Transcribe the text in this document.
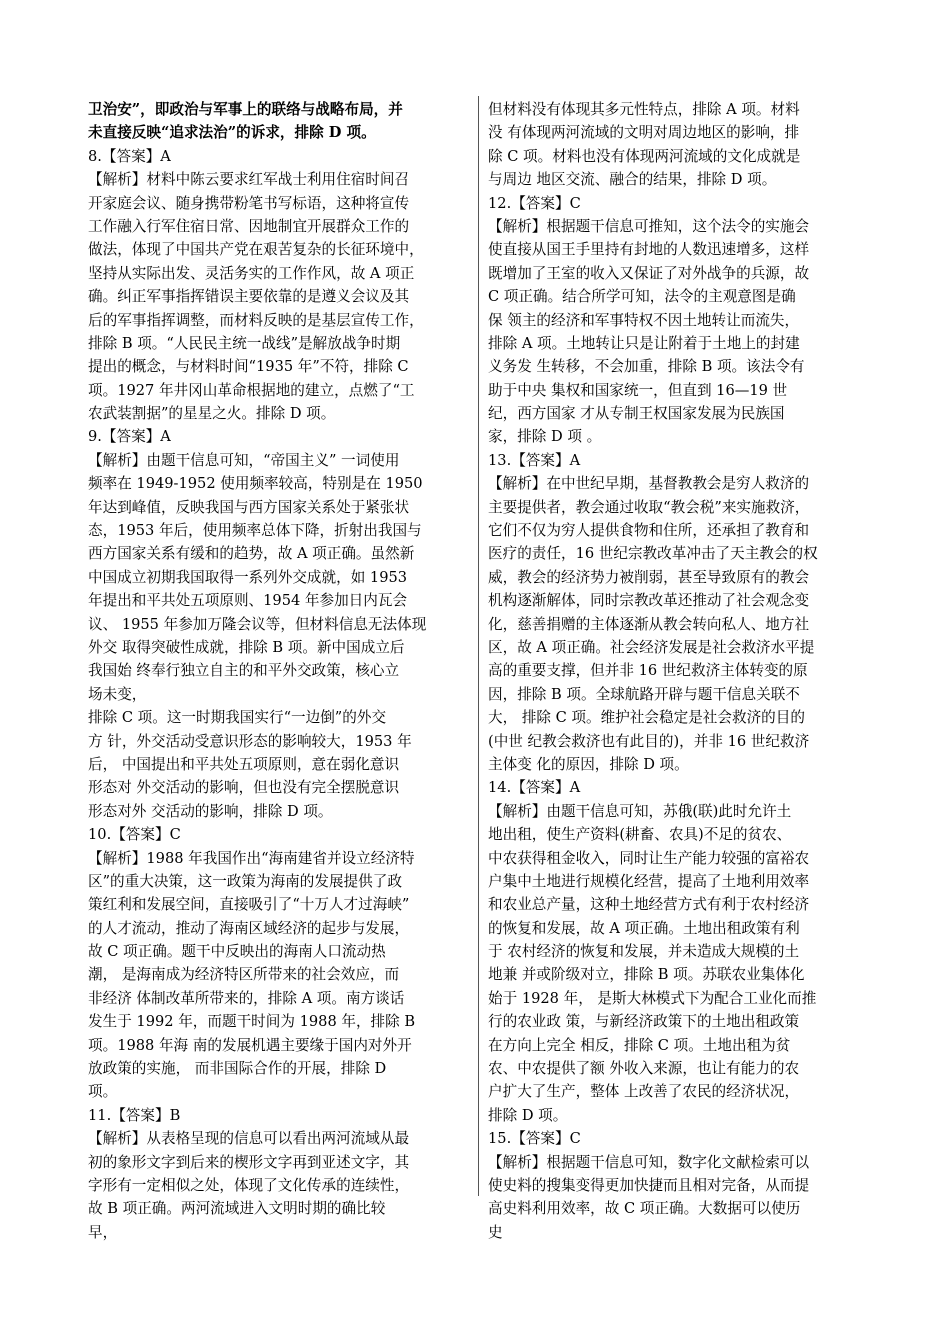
卫治安”，即政治与军事上的联络与战略布局，并
未直接反映“追求法治”的诉求，排除 D 项。
8.【答案】A
【解析】材料中陈云要求红军战士利用住宿时间召
开家庭会议、随身携带粉笔书写标语，这种将宣传
工作融入行军住宿日常、因地制宜开展群众工作的
做法，体现了中国共产党在艰苦复杂的长征环境中，
坚持从实际出发、灵活务实的工作作风，故 A 项正
确。纠正军事指挥错误主要依靠的是遵义会议及其
后的军事指挥调整，而材料反映的是基层宣传工作，
排除 B 项。“人民民主统一战线”是解放战争时期
提出的概念，与材料时间“1935 年”不符，排除 C
项。1927 年井冈山革命根据地的建立，点燃了“工
农武装割据”的星星之火。排除 D 项。
9.【答案】A
【解析】由题干信息可知，“帝国主义” 一词使用
频率在 1949-1952 使用频率较高，特别是在 1950
年达到峰值，反映我国与西方国家关系处于紧张状
态，1953 年后，使用频率总体下降，折射出我国与
西方国家关系有缓和的趋势，故 A 项正确。虽然新
中国成立初期我国取得一系列外交成就，如 1953
年提出和平共处五项原则、1954 年参加日内瓦会
议、 1955 年参加万隆会议等，但材料信息无法体现
外交 取得突破性成就，排除 B 项。新中国成立后
我国始 终奉行独立自主的和平外交政策，核心立
场未变，
排除 C 项。这一时期我国实行“一边倒”的外交
方 针，外交活动受意识形态的影响较大，1953 年
后， 中国提出和平共处五项原则，意在弱化意识
形态对 外交活动的影响，但也没有完全摆脱意识
形态对外 交活动的影响，排除 D 项。
10.【答案】C
【解析】1988 年我国作出“海南建省并设立经济特
区”的重大决策，这一政策为海南的发展提供了政
策红利和发展空间，直接吸引了“十万人才过海峡”
的人才流动，推动了海南区域经济的起步与发展，
故 C 项正确。题干中反映出的海南人口流动热
潮， 是海南成为经济特区所带来的社会效应，而
非经济 体制改革所带来的，排除 A 项。南方谈话
发生于 1992 年，而题干时间为 1988 年，排除 B
项。1988 年海 南的发展机遇主要缘于国内对外开
放政策的实施， 而非国际合作的开展，排除 D
项。
11.【答案】B
【解析】从表格呈现的信息可以看出两河流域从最
初的象形文字到后来的楔形文字再到亚述文字，其
字形有一定相似之处，体现了文化传承的连续性，
故 B 项正确。两河流域进入文明时期的确比较
早，
但材料没有体现其多元性特点，排除 A 项。材料
没 有体现两河流域的文明对周边地区的影响，排
除 C 项。材料也没有体现两河流域的文化成就是
与周边 地区交流、融合的结果，排除 D 项。
12.【答案】C
【解析】根据题干信息可推知，这个法令的实施会
使直接从国王手里持有封地的人数迅速增多，这样
既增加了王室的收入又保证了对外战争的兵源，故
C 项正确。结合所学可知，法令的主观意图是确
保 领主的经济和军事特权不因土地转让而流失，
排除 A 项。土地转让只是让附着于土地上的封建
义务发 生转移，不会加重，排除 B 项。该法令有
助于中央 集权和国家统一，但直到 16—19 世
纪，西方国家 才从专制王权国家发展为民族国
家，排除 D 项 。
13.【答案】A
【解析】在中世纪早期，基督教教会是穷人救济的
主要提供者，教会通过收取“教会税”来实施救济，
它们不仅为穷人提供食物和住所，还承担了教育和
医疗的责任，16 世纪宗教改革冲击了天主教会的权
威，教会的经济势力被削弱，甚至导致原有的教会
机构逐渐解体，同时宗教改革还推动了社会观念变
化，慈善捐赠的主体逐渐从教会转向私人、地方社
区，故 A 项正确。社会经济发展是社会救济水平提
高的重要支撑，但并非 16 世纪救济主体转变的原
因，排除 B 项。全球航路开辟与题干信息关联不
大， 排除 C 项。维护社会稳定是社会救济的目的
(中世 纪教会救济也有此目的)，并非 16 世纪救济
主体变 化的原因，排除 D 项。
14.【答案】A
【解析】由题干信息可知，苏俄(联)此时允许土
地出租，使生产资料(耕畜、农具)不足的贫农、
中农获得租金收入，同时让生产能力较强的富裕农
户集中土地进行规模化经营，提高了土地利用效率
和农业总产量，这种土地经营方式有利于农村经济
的恢复和发展，故 A 项正确。土地出租政策有利
于 农村经济的恢复和发展，并未造成大规模的土
地兼 并或阶级对立，排除 B 项。苏联农业集体化
始于 1928 年， 是斯大林模式下为配合工业化而推
行的农业政 策，与新经济政策下的土地出租政策
在方向上完全 相反，排除 C 项。土地出租为贫
农、中农提供了额 外收入来源，也让有能力的农
户扩大了生产，整体 上改善了农民的经济状况，
排除 D 项。
15.【答案】C
【解析】根据题干信息可知，数字化文献检索可以
使史料的搜集变得更加快捷而且相对完备，从而提
高史料利用效率，故 C 项正确。大数据可以使历
史
